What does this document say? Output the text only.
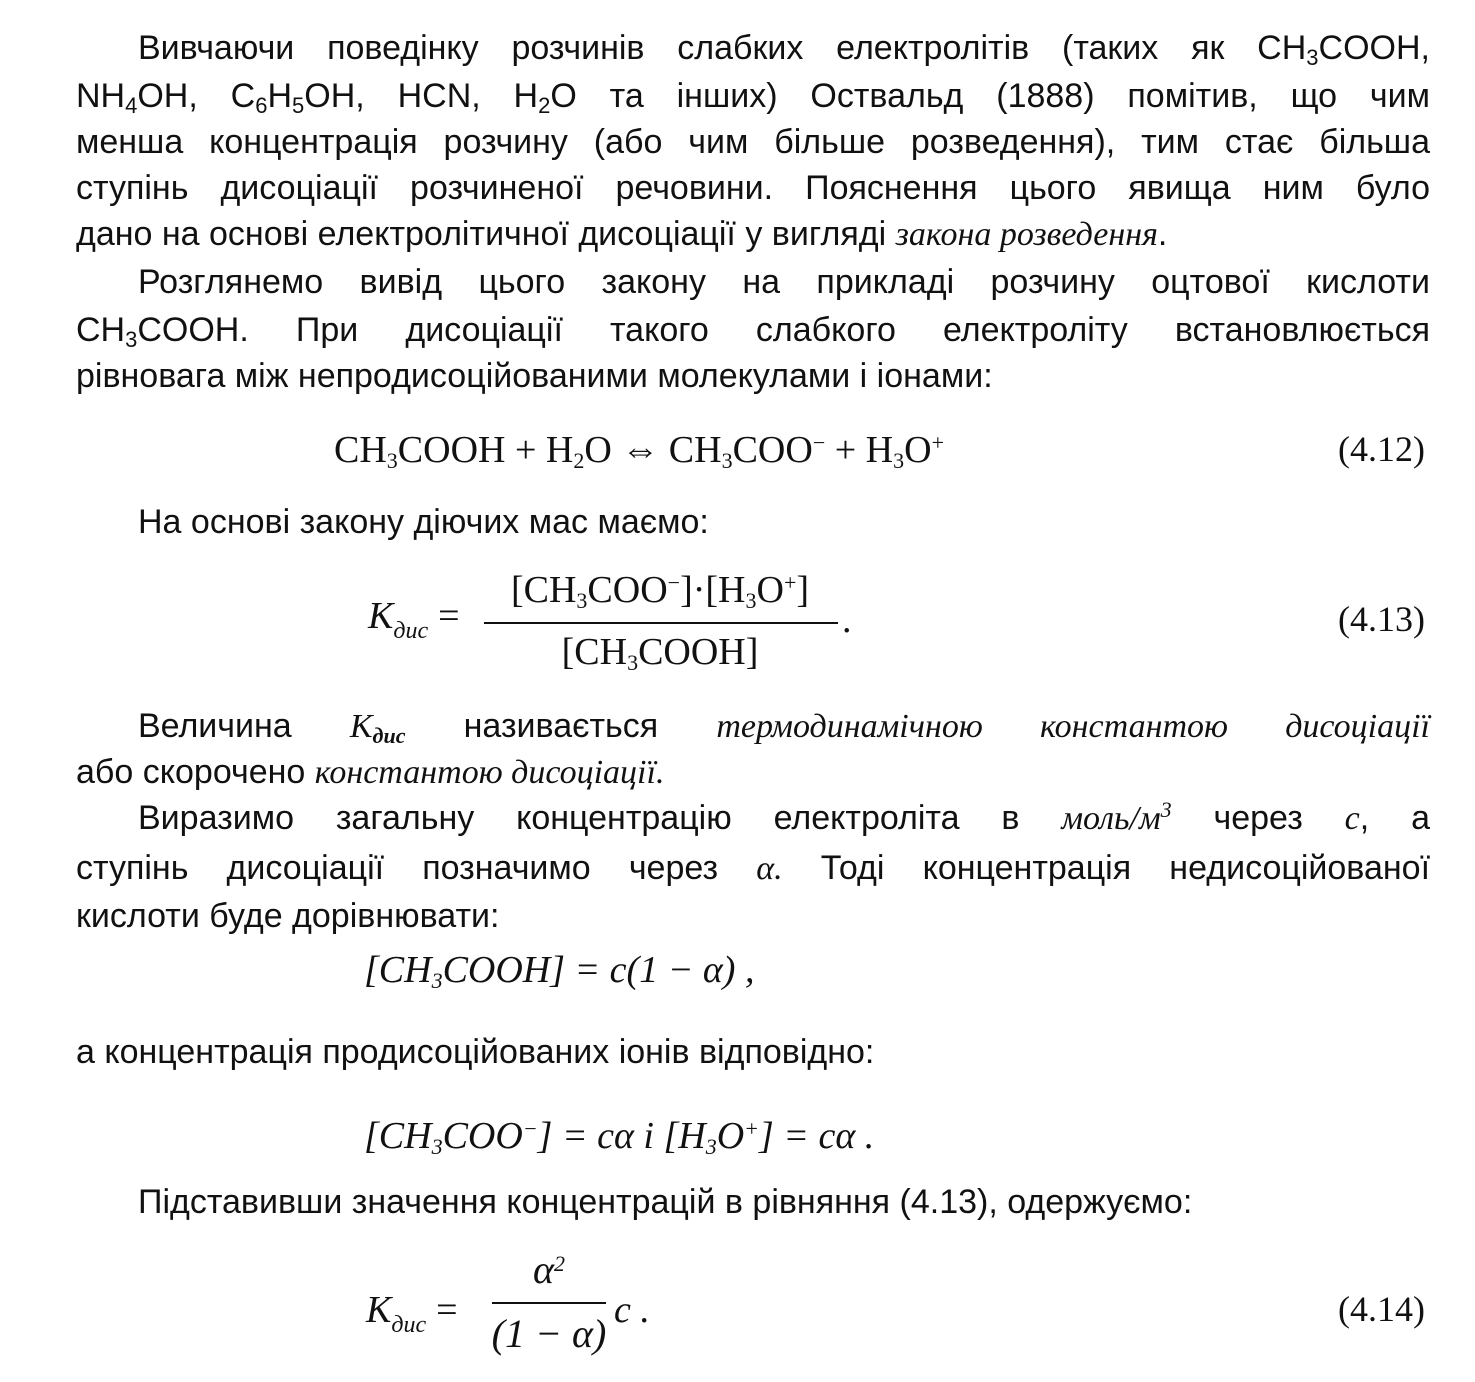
Вивчаючи поведінку розчинів слабких електролітів (таких як $CH_3COOH$,
$NH_4OH$, $C_6H_5OH$, HCN, $H_2O$ та інших) Оствальд (1888) помітив, що чим
менша концентрація розчину (або чим більше розведення), тим стає більша
ступінь дисоціації розчиненої речовини. Пояснення цього явища ним було
дано на основі електролітичної дисоціації у вигляді закона розведення.
Розглянемо вивід цього закону на прикладі розчину оцтової кислоти
$CH_3COOH$. При дисоціації такого слабкого електроліту встановлюється
рівновага між непродисоційованими молекулами і іонами:
$CH_3COOH + H_2O$ ⇔ $CH_3COO^- + H_3O^+$	(4.12)
На основі закону діючих мас маємо:
$K_{дис}$ =
$[CH_3COO^-]\cdot[H_3O^+]$
$[CH_3COOH]$
.	(4.13)
Величина $K_{дис}$ називається термодинамічною константою дисоціації
або скорочено константою дисоціації.
Виразимо загальну концентрацію електроліта в моль/$м^3$ через c, а
ступінь дисоціації позначимо через α. Тоді концентрація недисоційованої
кислоти буде дорівнювати:
$[CH_3COOH] = c(1 - \alpha)$ ,
а концентрація продисоційованих іонів відповідно:
$[CH_3COO^-] = c\alpha$ і $[H_3O^+] = c\alpha$ .
Підставивши значення концентрацій в рівняння (4.13), одержуємо:
$K_{дис}$ =
$\alpha^2$
(1 − α)
c .	(4.14)
